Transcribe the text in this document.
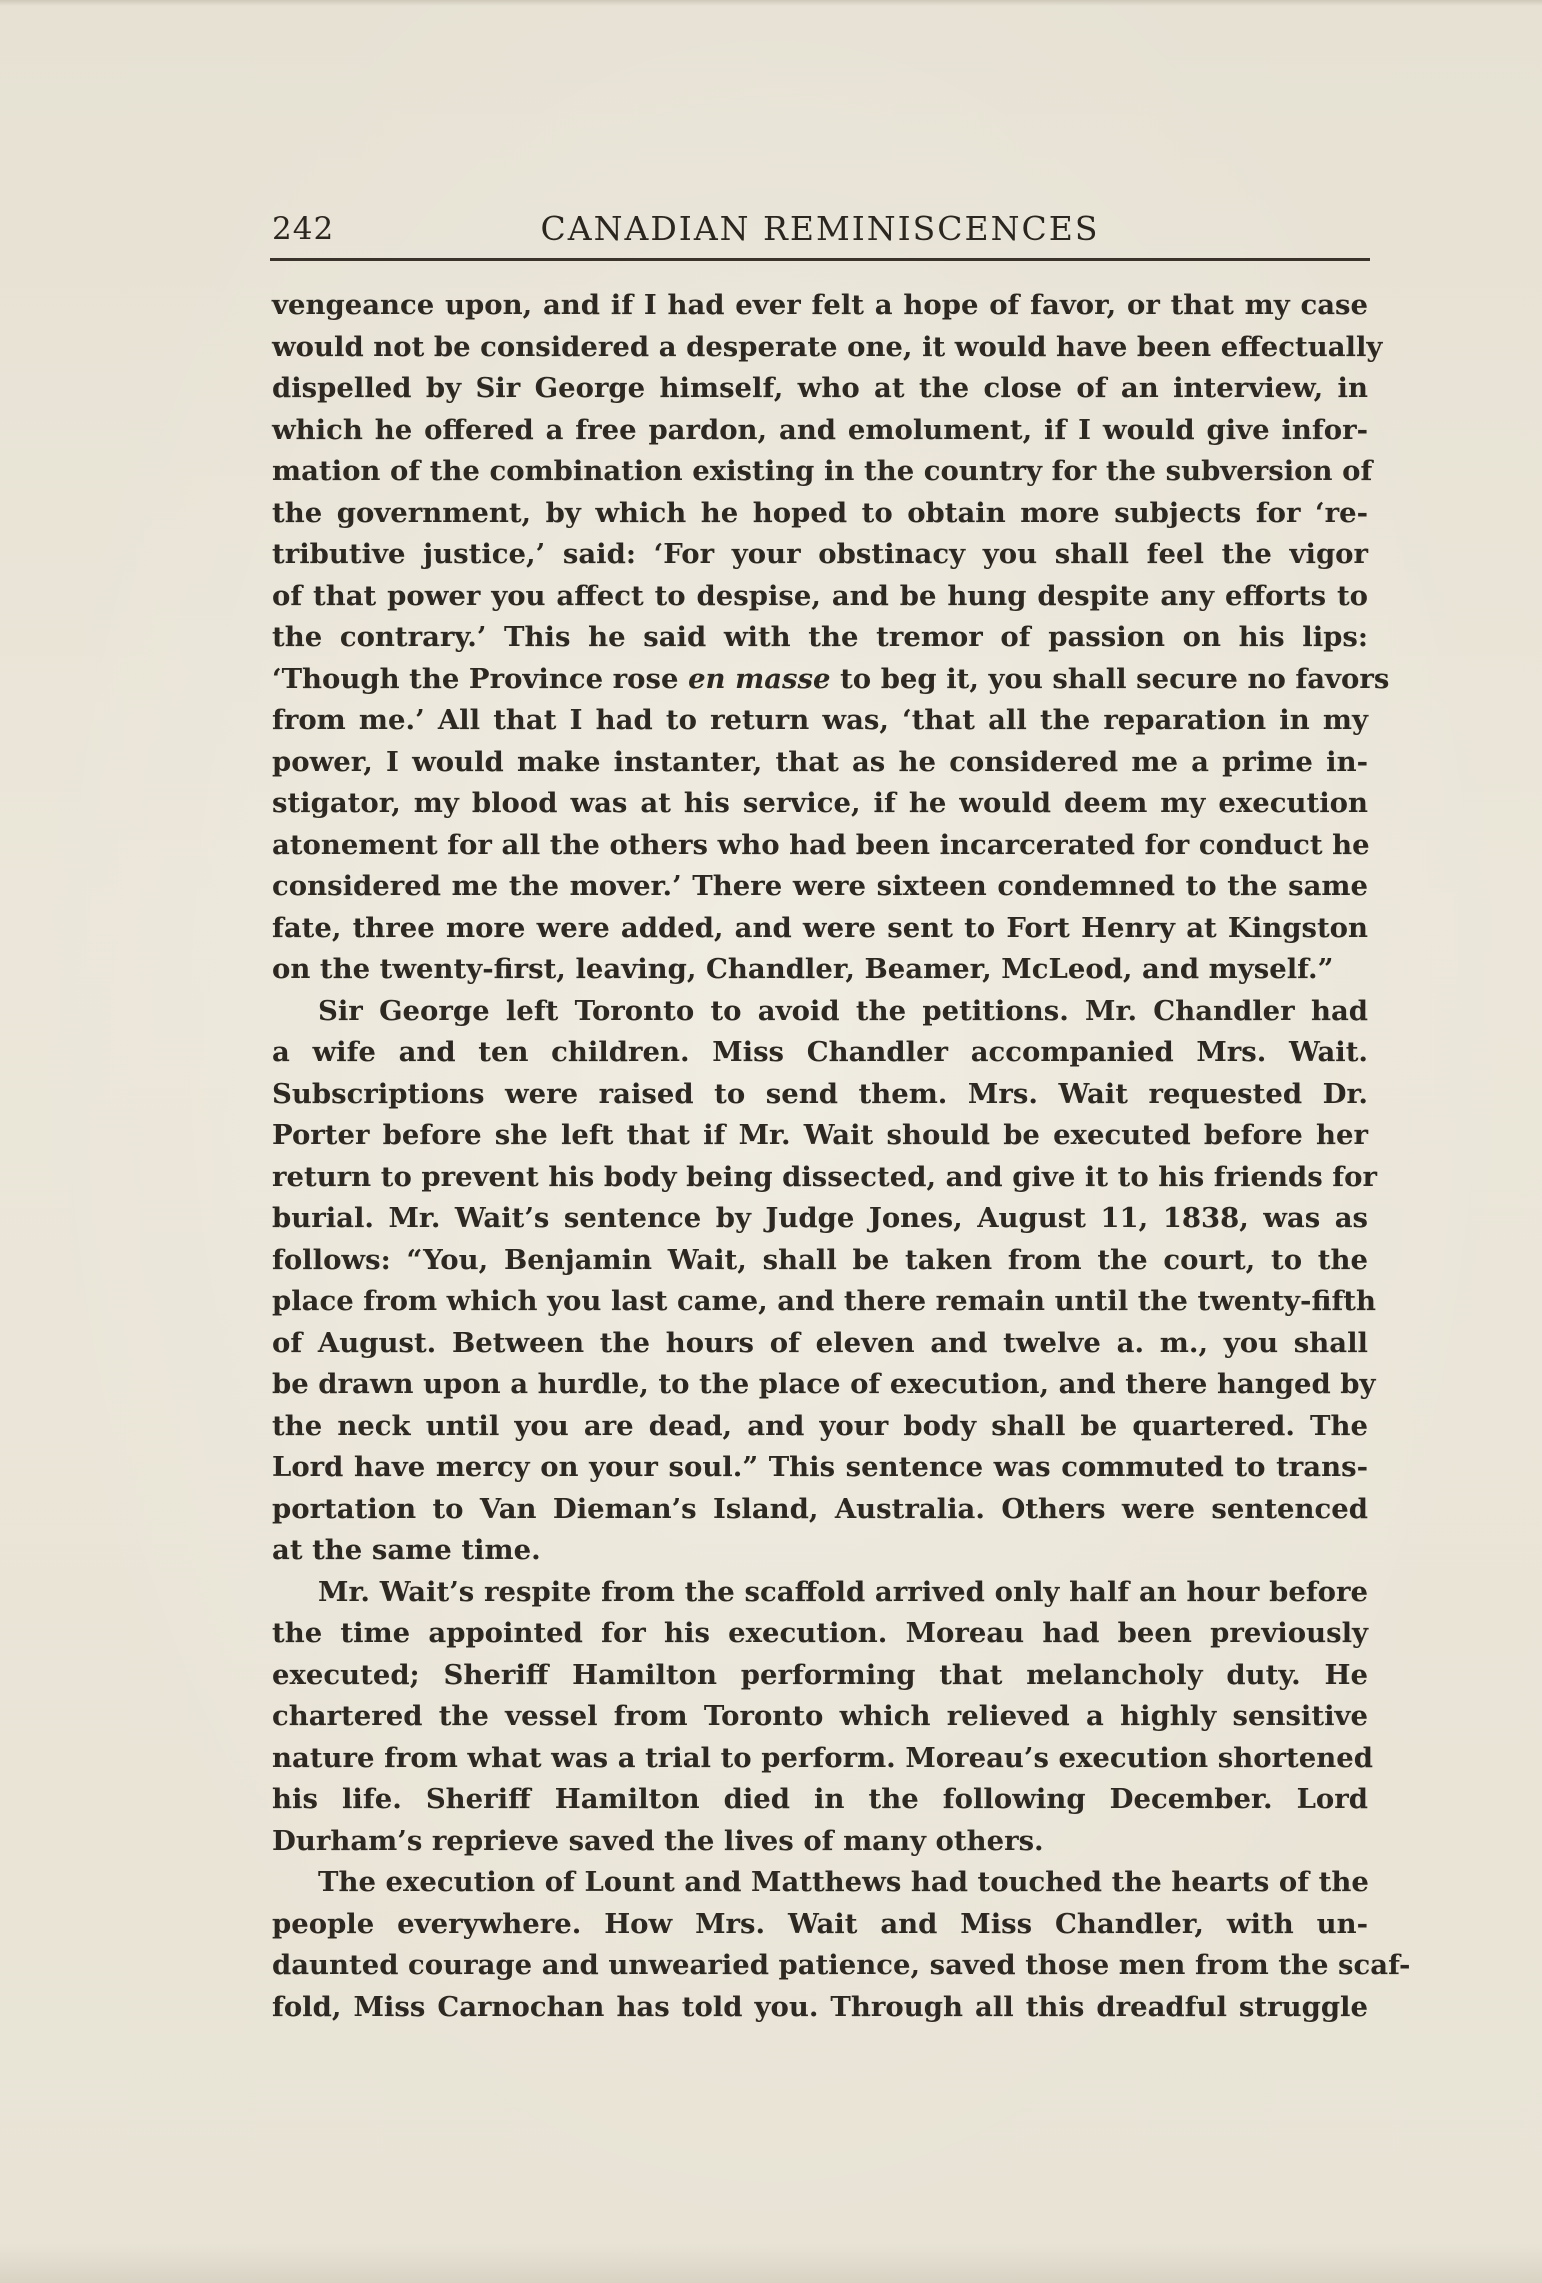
242	CANADIAN REMINISCENCES
vengeance upon, and if I had ever felt a hope of favor, or that my case
would not be considered a desperate one, it would have been effectually
dispelled by Sir George himself, who at the close of an interview, in
which he offered a free pardon, and emolument, if I would give infor-
mation of the combination existing in the country for the subversion of
the government, by which he hoped to obtain more subjects for ‘re-
tributive justice,’ said: ‘For your obstinacy you shall feel the vigor
of that power you affect to despise, and be hung despite any efforts to
the contrary.’ This he said with the tremor of passion on his lips:
‘Though the Province rose en masse to beg it, you shall secure no favors
from me.’ All that I had to return was, ‘that all the reparation in my
power, I would make instanter, that as he considered me a prime in-
stigator, my blood was at his service, if he would deem my execution
atonement for all the others who had been incarcerated for conduct he
considered me the mover.’ There were sixteen condemned to the same
fate, three more were added, and were sent to Fort Henry at Kingston
on the twenty-first, leaving, Chandler, Beamer, McLeod, and myself.”
Sir George left Toronto to avoid the petitions. Mr. Chandler had
a wife and ten children. Miss Chandler accompanied Mrs. Wait.
Subscriptions were raised to send them. Mrs. Wait requested Dr.
Porter before she left that if Mr. Wait should be executed before her
return to prevent his body being dissected, and give it to his friends for
burial. Mr. Wait’s sentence by Judge Jones, August 11, 1838, was as
follows: “You, Benjamin Wait, shall be taken from the court, to the
place from which you last came, and there remain until the twenty-fifth
of August. Between the hours of eleven and twelve a. m., you shall
be drawn upon a hurdle, to the place of execution, and there hanged by
the neck until you are dead, and your body shall be quartered. The
Lord have mercy on your soul.” This sentence was commuted to trans-
portation to Van Dieman’s Island, Australia. Others were sentenced
at the same time.
Mr. Wait’s respite from the scaffold arrived only half an hour before
the time appointed for his execution. Moreau had been previously
executed; Sheriff Hamilton performing that melancholy duty. He
chartered the vessel from Toronto which relieved a highly sensitive
nature from what was a trial to perform. Moreau’s execution shortened
his life. Sheriff Hamilton died in the following December. Lord
Durham’s reprieve saved the lives of many others.
The execution of Lount and Matthews had touched the hearts of the
people everywhere. How Mrs. Wait and Miss Chandler, with un-
daunted courage and unwearied patience, saved those men from the scaf-
fold, Miss Carnochan has told you. Through all this dreadful struggle
